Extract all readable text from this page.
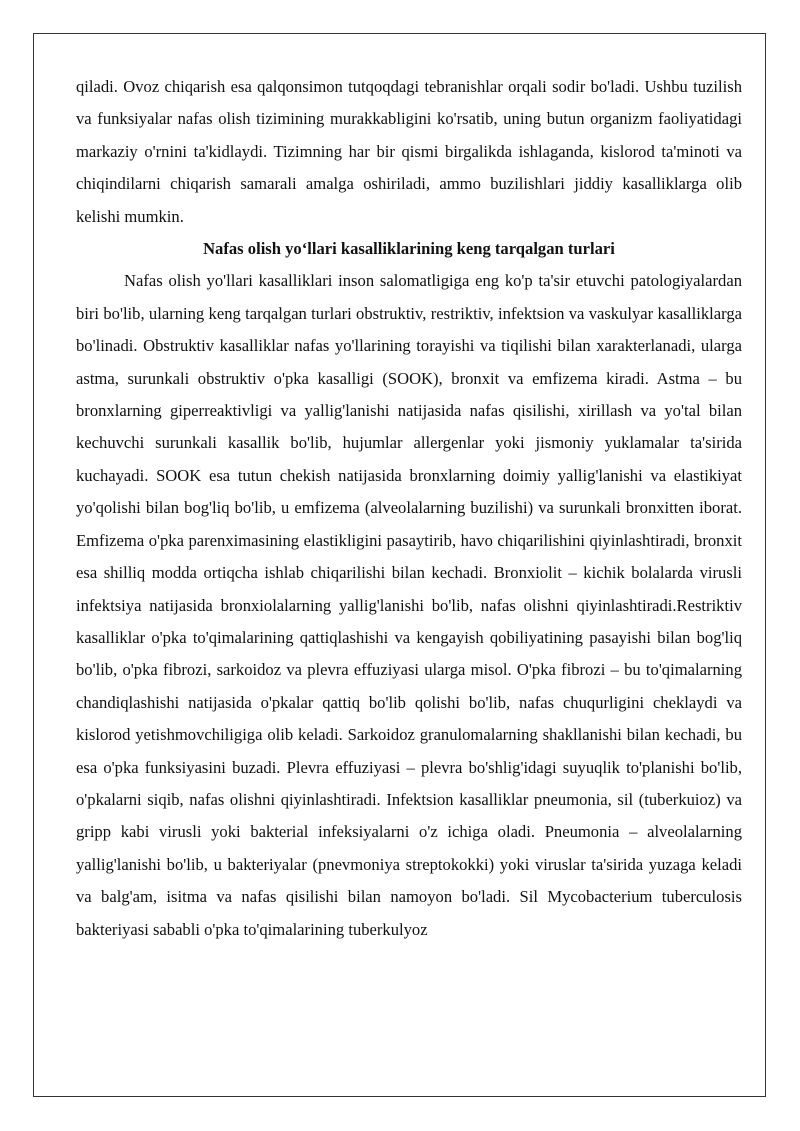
qiladi. Ovoz chiqarish esa qalqonsimon tutqoqdagi tebranishlar orqali sodir bo'ladi. Ushbu tuzilish va funksiyalar nafas olish tizimining murakkabligini ko'rsatib, uning butun organizm faoliyatidagi markaziy o'rnini ta'kidlaydi. Tizimning har bir qismi birgalikda ishlaganda, kislorod ta'minoti va chiqindilarni chiqarish samarali amalga oshiriladi, ammo buzilishlari jiddiy kasalliklarga olib kelishi mumkin.

Nafas olish yo‘llari kasalliklarining keng tarqalgan turlari

Nafas olish yo'llari kasalliklari inson salomatligiga eng ko'p ta'sir etuvchi patologiyalardan biri bo'lib, ularning keng tarqalgan turlari obstruktiv, restriktiv, infektsion va vaskulyar kasalliklarga bo'linadi. Obstruktiv kasalliklar nafas yo'llarining torayishi va tiqilishi bilan xarakterlanadi, ularga astma, surunkali obstruktiv o'pka kasalligi (SOOK), bronxit va emfizema kiradi. Astma – bu bronxlarning giperreaktivligi va yallig'lanishi natijasida nafas qisilishi, xirillash va yo'tal bilan kechuvchi surunkali kasallik bo'lib, hujumlar allergenlar yoki jismoniy yuklamalar ta'sirida kuchayadi. SOOK esa tutun chekish natijasida bronxlarning doimiy yallig'lanishi va elastikiyat yo'qolishi bilan bog'liq bo'lib, u emfizema (alveolalarning buzilishi) va surunkali bronxitten iborat. Emfizema o'pka parenximasining elastikligini pasaytirib, havo chiqarilishini qiyinlashtiradi, bronxit esa shilliq modda ortiqcha ishlab chiqarilishi bilan kechadi. Bronxiolit – kichik bolalarda virusli infektsiya natijasida bronxiolalarning yallig'lanishi bo'lib, nafas olishni qiyinlashtiradi.Restriktiv kasalliklar o'pka to'qimalarining qattiqlashishi va kengayish qobiliyatining pasayishi bilan bog'liq bo'lib, o'pka fibrozi, sarkoidoz va plevra effuziyasi ularga misol. O'pka fibrozi – bu to'qimalarning chandiqlashishi natijasida o'pkalar qattiq bo'lib qolishi bo'lib, nafas chuqurligini cheklaydi va kislorod yetishmovchiligiga olib keladi. Sarkoidoz granulomalarning shakllanishi bilan kechadi, bu esa o'pka funksiyasini buzadi. Plevra effuziyasi – plevra bo'shlig'idagi suyuqlik to'planishi bo'lib, o'pkalarni siqib, nafas olishni qiyinlashtiradi. Infektsion kasalliklar pneumonia, sil (tuberkuioz) va gripp kabi virusli yoki bakterial infeksiyalarni o'z ichiga oladi. Pneumonia – alveolalarning yallig'lanishi bo'lib, u bakteriyalar (pnevmoniya streptokokki) yoki viruslar ta'sirida yuzaga keladi va balg'am, isitma va nafas qisilishi bilan namoyon bo'ladi. Sil Mycobacterium tuberculosis bakteriyasi sababli o'pka to'qimalarining tuberkulyoz
